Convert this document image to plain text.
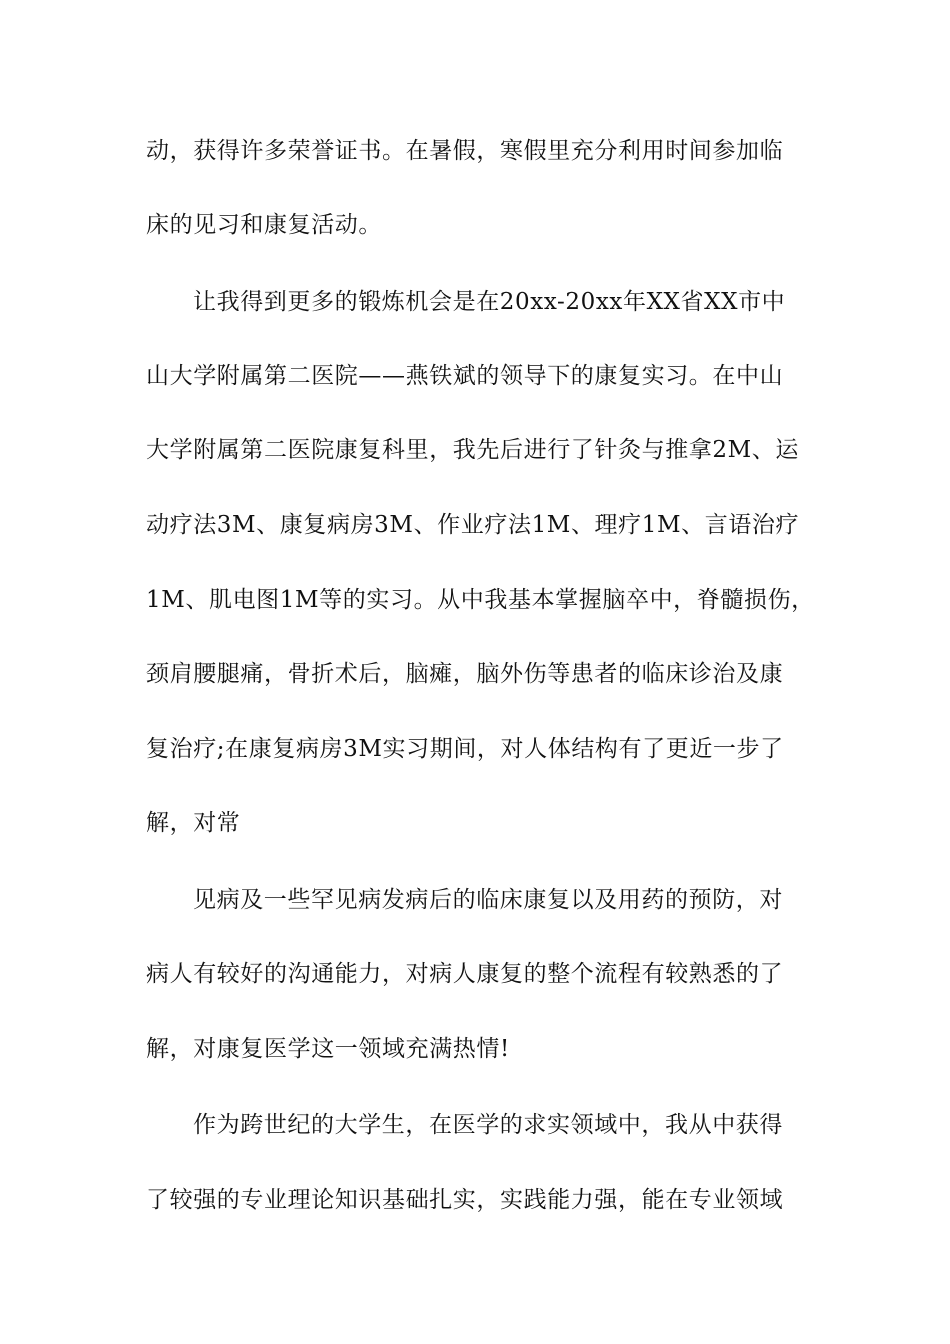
动，获得许多荣誉证书。在暑假，寒假里充分利用时间参加临
床的见习和康复活动。
让我得到更多的锻炼机会是在20xx-20xx年XX省XX市中
山大学附属第二医院——燕铁斌的领导下的康复实习。在中山
大学附属第二医院康复科里，我先后进行了针灸与推拿2M、运
动疗法3M、康复病房3M、作业疗法1M、理疗1M、言语治疗
1M、肌电图1M等的实习。从中我基本掌握脑卒中，脊髓损伤，
颈肩腰腿痛，骨折术后，脑瘫，脑外伤等患者的临床诊治及康
复治疗;在康复病房3M实习期间，对人体结构有了更近一步了
解，对常
见病及一些罕见病发病后的临床康复以及用药的预防，对
病人有较好的沟通能力，对病人康复的整个流程有较熟悉的了
解，对康复医学这一领域充满热情!
作为跨世纪的大学生，在医学的求实领域中，我从中获得
了较强的专业理论知识基础扎实，实践能力强，能在专业领域
